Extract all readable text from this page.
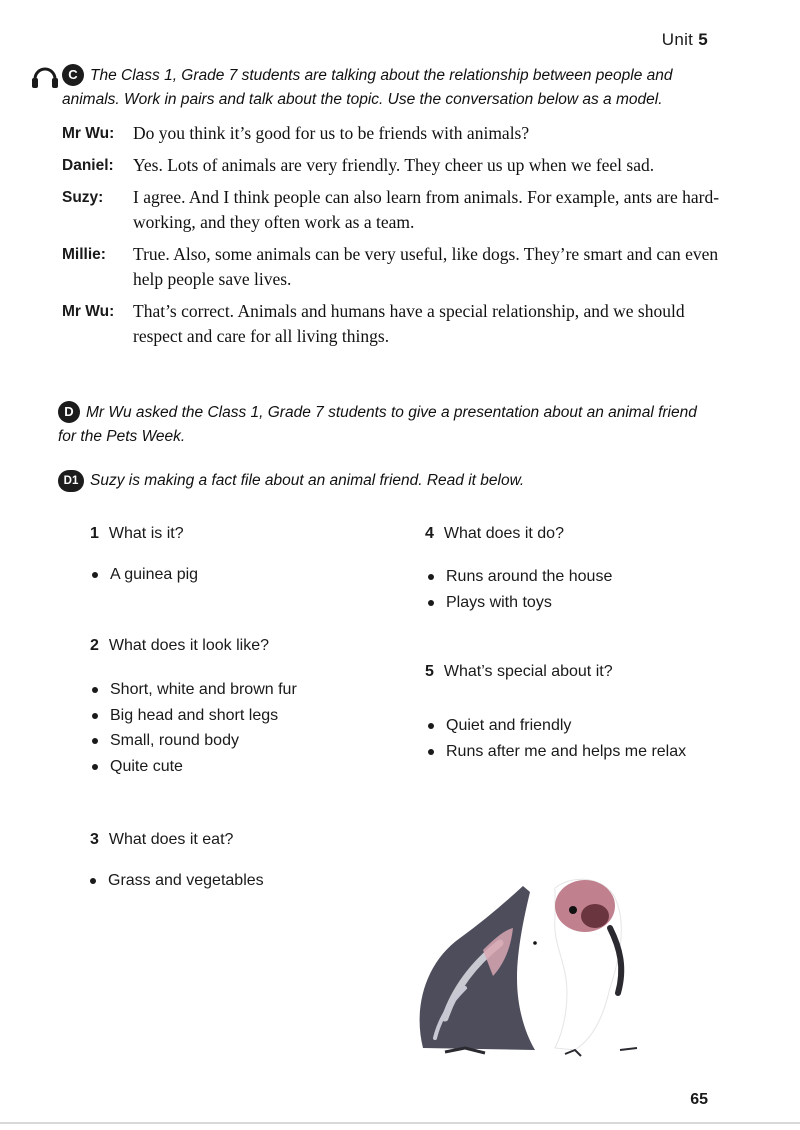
Unit 5
C The Class 1, Grade 7 students are talking about the relationship between people and animals. Work in pairs and talk about the topic. Use the conversation below as a model.
Mr Wu:	Do you think it’s good for us to be friends with animals?
Daniel:	Yes. Lots of animals are very friendly. They cheer us up when we feel sad.
Suzy:	I agree. And I think people can also learn from animals. For example, ants are hard-working, and they often work as a team.
Millie:	True. Also, some animals can be very useful, like dogs. They’re smart and can even help people save lives.
Mr Wu:	That’s correct. Animals and humans have a special relationship, and we should respect and care for all living things.
D Mr Wu asked the Class 1, Grade 7 students to give a presentation about an animal friend for the Pets Week.
D1 Suzy is making a fact file about an animal friend. Read it below.
1 What is it?
A guinea pig
2 What does it look like?
Short, white and brown fur
Big head and short legs
Small, round body
Quite cute
3 What does it eat?
Grass and vegetables
4 What does it do?
Runs around the house
Plays with toys
5 What’s special about it?
Quiet and friendly
Runs after me and helps me relax
65
